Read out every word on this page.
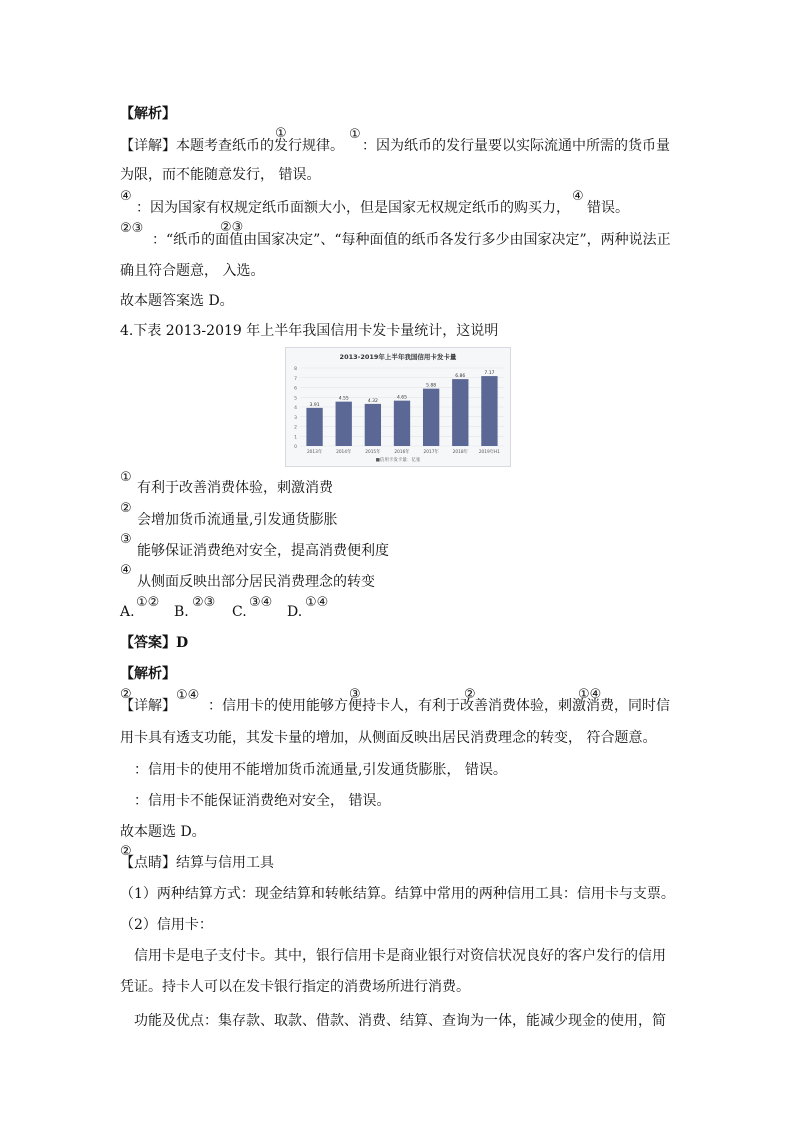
【解析】
【详解】本题考查纸币的发行规律。
①	①
：因为纸币的发行量要以实际流通中所需的货币量
为限，而不能随意发行， 错误。
④
：因为国家有权规定纸币面额大小，但是国家无权规定纸币的购买力，
④
错误。
②③	②③
：“纸币的面值由国家决定”、“每种面值的纸币各发行多少由国家决定”，两种说法正
确且符合题意， 入选。
故本题答案选 D。
4.下表 2013-2019 年上半年我国信用卡发卡量统计，这说明
2013-2019年上半年我国信用卡发卡量
0
1
2
3
4
5
6
7
8
3.91
2013年
4.55
2014年
4.32
2015年
4.65
2016年
5.88
2017年
6.86
2018年
7.17
2019年H1
■信用卡发卡量：亿张
①
有利于改善消费体验，刺激消费
②
会增加货币流通量,引发通货膨胀
③
能够保证消费绝对安全，提高消费便利度
④
从侧面反映出部分居民消费理念的转变
A.
①②
B.
②③
C.
③④
D.
①④
【答案】D
【解析】
②
【详解】
①④
：信用卡的使用能够方便持卡人，有利于改善消费体验，刺激消费，同时信
③	②	①④
用卡具有透支功能，其发卡量的增加，从侧面反映出居民消费理念的转变， 符合题意。
：信用卡的使用不能增加货币流通量,引发通货膨胀， 错误。
：信用卡不能保证消费绝对安全， 错误。
故本题选 D。
②
【点睛】结算与信用工具
（1）两种结算方式：现金结算和转帐结算。结算中常用的两种信用工具：信用卡与支票。
（2）信用卡：
信用卡是电子支付卡。其中，银行信用卡是商业银行对资信状况良好的客户发行的信用
凭证。持卡人可以在发卡银行指定的消费场所进行消费。
功能及优点：集存款、取款、借款、消费、结算、查询为一体，能减少现金的使用，简
